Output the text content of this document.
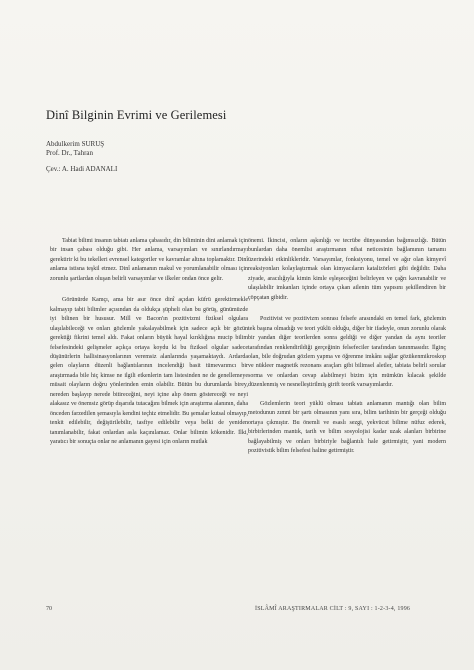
Dinî Bilginin Evrimi ve Gerilemesi
Abdulkerim SURUŞ
Prof. Dr., Tahran
Çev.: A. Hadi ADANALI

Tabiat bilimi insanın tabiatı anlama çabasıdır, din biliminin dini anlamak için bir insan çabası olduğu gibi. Her anlama, varsayımları ve sınırlandırmayı gerektirir ki bu tekelleri evrensel kategoriler ve kavramlar altına toplamaktır. Dinî anlama istisna teşkil etmez. Dinî anlamanın makul ve yorumlanabilir olması için zorunlu şartlardan oluşan belirli varsayımlar ve ilkeler ondan önce gelir.

Görünürde Kamçı, ama bir asır önce dinî açıdan küfrü gerektirmekle kalmayıp tabii bilimler açısından da oldukça şüpheli olan bu görüş, günümüzde iyi bilinen bir hususur. Mill ve Bacon'ın pozitivizmi fiziksel olgulara ulaşılabileceği ve onları gözlemle yakalayabilmek için sadece açık bir gözün gerektiği fikrini temel aldı. Fakat onların büyük hayal kırıklığına mucip bilim felsefesindeki gelişmeler açıkça ortaya koydu ki bu fiziksel olgular sadece düşünürlerin hallisinasyonlarının veremsiz alanlarında yaşamaktaydı. Ardarda gelen olayların düzenli bağlantılarının incelendiği basit tümevarımcı bir araştırmada bile hiç kimse ne ilgili etkenlerin tam listesinden ne de genellemeye müsait olayların doğru yönlerinden emin olabilir. Bütün bu durumlarda birey, nereden başlayıp nerede bitireceğini, neyi içine alıp önem göstereceği ve neyi alakasız ve önemsiz görüp dışarıda tutacağını bilmek için araştırma alanının, daha önceden farzedilen şemasıyla kendini teçhiz etmelidir. Bu şemalar kutsal olmayıp, tenkit edilebilir, değiştirilebilir, tasfiye edilebilir veya belki de yeniden tanımlanabilir, fakat onlardan asla kaçınılamaz. Onlar bilimin kökenidir. İlki, yaratıcı bir sonuçta onlar ne anlamanın gayesi için onların mutlak

önemi. İkincisi, onların aşkınlığı ve tecrübe dünyasından bağımsızlığı. Bütün bunlardan daha önemlisi araştırmanın nihai neticesinin bağlamının tamamı üzerindeki etkinlikleridir. Varsayımlar, fonksiyonu, temel ve ağır olan kimyevî reaksiyonları kolaylaştırmak olan kimyacıların katalizörleri gibi değildir. Daha ziyade, aracılığıyla kimin kimle eşleşeceğini belirleyen ve çağrı kavranabilir ve ulaşılabilir imkanları içinde ortaya çıkan ailenin tüm yapısını şekillendiren bir çöpçatan gibidir.

Pozitivist ve pozitivizm sonrası felsefe arasındaki en temel fark, gözlemin tek başına olmadığı ve teori yüklü olduğu, diğer bir ifadeyle, onun zorunlu olarak bir yandan diğer teorilerden sonra geldiği ve diğer yandan da aynı teoriler tarafından renklendirildiği gerçeğinin felsefeciler tarafından tanınmasıdır. İlginç olan, bile doğrudan gözlem yapma ve öğrenme imkânı sağlar gözükenmikroskop ve nükleer magnetik rezonans araçları gibi bilimsel aletler, tabiata belirli sorular sorma ve onlardan cevap alabilmeyi bizim için mümkün kılacak şekilde düzenlenmiş ve nesnelleştirilmiş girift teorik varsayımlardır.

Gözlemlerin teori yüklü olması tabiatı anlamanın mantığı olan bilim metodunun zımni bir şartı olmasının yanı sıra, bilim tarihinin bir gerçeği olduğu ortaya çıkmıştır. Bu önemli ve esaslı sezgi, yekvücut bilime nüfuz ederek, birbirlerinden mantık, tarih ve bilim sosyolojisi kadar uzak alanları birbirine bağlayabilmiş ve onları birbiriyle bağlantılı hale getirmiştir, yani modern pozitivistik bilim felsefesi haline getirmiştir.

70	İSLÂMÎ ARAŞTIRMALAR CİLT : 9, SAYI : 1-2-3-4, 1996
